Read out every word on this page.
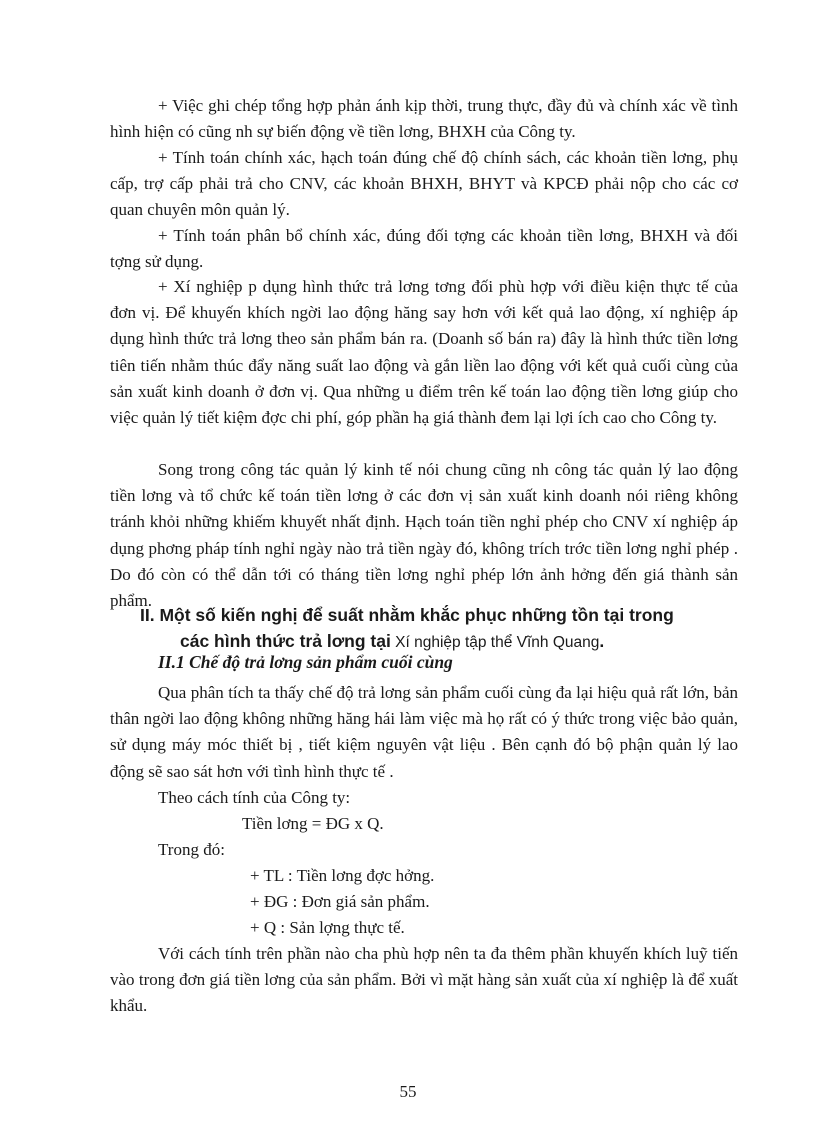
+ Việc ghi chép tổng hợp phản ánh kịp thời, trung thực, đầy đủ và chính xác về tình hình hiện có cũng nh sự biến động về tiền lơng, BHXH của Công ty.

+ Tính toán chính xác, hạch toán đúng chế độ chính sách, các khoản tiền lơng, phụ cấp, trợ cấp phải trả cho CNV, các khoản BHXH, BHYT và KPCĐ phải nộp cho các cơ quan chuyên môn quản lý.

+ Tính toán phân bổ chính xác, đúng đối tợng các khoản tiền lơng, BHXH và đối tợng sử dụng.

+ Xí nghiệp p dụng hình thức trả lơng tơng đối phù hợp với điều kiện thực tế của đơn vị. Để khuyến khích ngời lao động hăng say hơn với kết quả lao động, xí nghiệp áp dụng hình thức trả lơng theo sản phẩm bán ra. (Doanh số bán ra) đây là hình thức tiền lơng tiên tiến nhằm thúc đẩy năng suất lao động và gắn liền lao động với kết quả cuối cùng của sản xuất kinh doanh ở đơn vị. Qua những u điểm trên kế toán lao động tiền lơng giúp cho việc quản lý tiết kiệm đợc chi phí, góp phần hạ giá thành đem lại lợi ích cao cho Công ty.

Song trong công tác quản lý kinh tế nói chung cũng nh công tác quản lý lao động tiền lơng và tổ chức kế toán tiền lơng ở các đơn vị sản xuất kinh doanh nói riêng không tránh khỏi những khiếm khuyết nhất định. Hạch toán tiền nghỉ phép cho CNV xí nghiệp áp dụng phơng pháp tính nghỉ ngày nào trả tiền ngày đó, không trích trớc tiền lơng nghỉ phép . Do đó còn có thể dẫn tới có tháng tiền lơng nghỉ phép lớn ảnh hởng đến giá thành sản phẩm.

II. Một số kiến nghị để suất nhằm khắc phục những tồn tại trong
các hình thức trả lơng tại Xí nghiệp tập thể Vĩnh Quang.

II.1 Chế độ trả lơng sản phẩm cuối cùng

Qua phân tích ta thấy chế độ trả lơng sản phẩm cuối cùng đa lại hiệu quả rất lớn, bản thân ngời lao động không những hăng hái làm việc mà họ rất có ý thức trong việc bảo quản, sử dụng máy móc thiết bị , tiết kiệm nguyên vật liệu . Bên cạnh đó bộ phận quản lý lao động sẽ sao sát hơn với tình hình thực tế .

Theo cách tính của Công ty:

Tiền lơng = ĐG x Q.

Trong đó:

+ TL : Tiền lơng đợc hởng.

+ ĐG : Đơn giá sản phẩm.

+ Q : Sản lợng thực tế.

Với cách tính trên phần nào cha phù hợp nên ta đa thêm phần khuyến khích luỹ tiến vào trong đơn giá tiền lơng của sản phẩm. Bởi vì mặt hàng sản xuất của xí nghiệp là để xuất khẩu.

55
